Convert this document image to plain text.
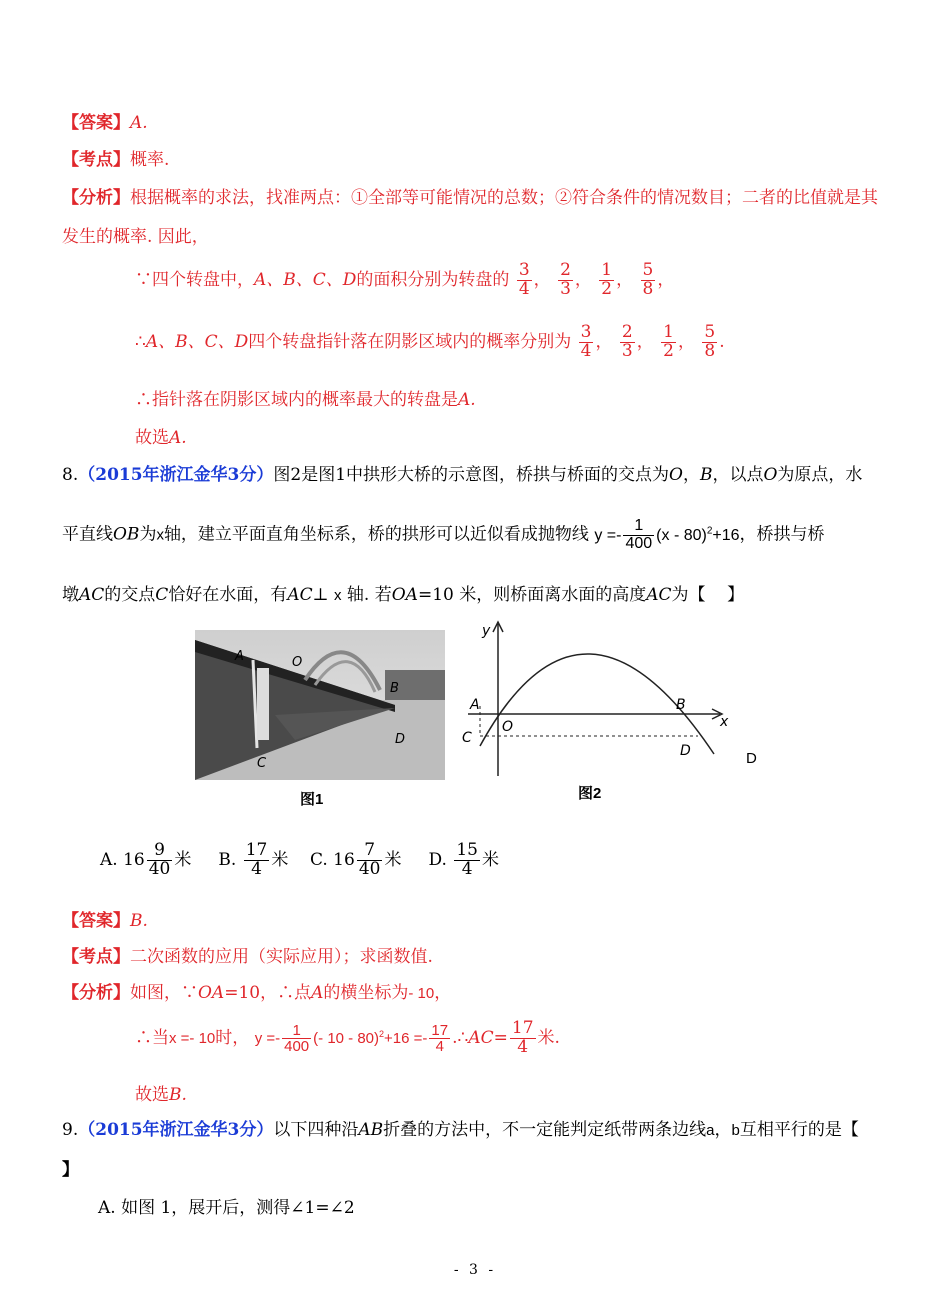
【答案】A.
【考点】概率.
【分析】根据概率的求法，找准两点：①全部等可能情况的总数；②符合条件的情况数目；二者的比值就是其
发生的概率. 因此，
∵四个转盘中，A、B、C、D的面积分别为转盘的 $\frac{3}{4}$ ， $\frac{2}{3}$ ， $\frac{1}{2}$ ， $\frac{5}{8}$ ，
∴A、B、C、D四个转盘指针落在阴影区域内的概率分别为 $\frac{3}{4}$ ， $\frac{2}{3}$ ， $\frac{1}{2}$ ， $\frac{5}{8}$ .
∴指针落在阴影区域内的概率最大的转盘是A.
故选A.
8.（2015年浙江金华3分）图2是图1中拱形大桥的示意图，桥拱与桥面的交点为O，B，以点O为原点，水
平直线OB为x轴，建立平面直角坐标系，桥的拱形可以近似看成抛物线 $y =- \frac{1}{400} (x - 80)^2+16$，桥拱与桥
墩AC的交点C恰好在水面，有AC⊥ x 轴. 若OA=10 米，则桥面离水面的高度AC为【 】
A	O
B
D
C
图1
y
x
A
O
B
C
D
图2
D
A. $16 \frac{9}{40}$ 米 B. $\frac{17}{4}$ 米 C. $16 \frac{7}{40}$ 米 D. $\frac{15}{4}$ 米
【答案】B.
【考点】二次函数的应用（实际应用）；求函数值.
【分析】如图，∵OA=10，∴点A的横坐标为- 10，
∴当x =- 10时， $y =- \frac{1}{400}$ (- $10 - 80)^2+16 =- \frac{17}{4}$ .∴AC= $\frac{17}{4}$ 米.
故选B.
9.（2015年浙江金华3分）以下四种沿AB折叠的方法中，不一定能判定纸带两条边线a，b互相平行的是【
】
A. 如图 1，展开后，测得∠1=∠2
- 3 -
